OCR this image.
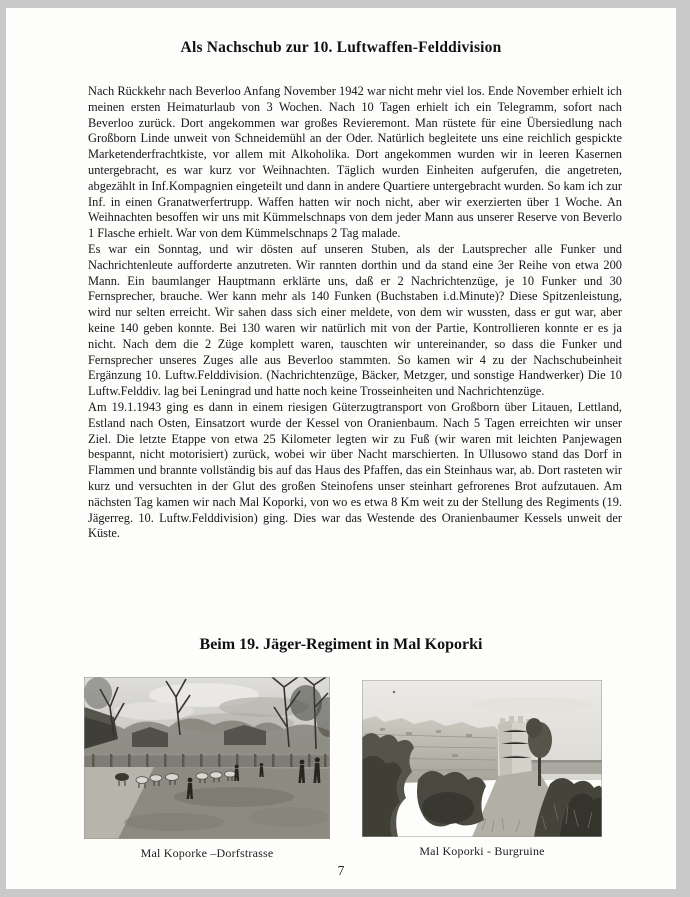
Als Nachschub zur 10. Luftwaffen-Felddivision

Nach Rückkehr nach Beverloo Anfang November 1942 war nicht mehr viel los. Ende November erhielt ich meinen ersten Heimaturlaub von 3 Wochen. Nach 10 Tagen erhielt ich ein Telegramm, sofort nach Beverloo zurück. Dort angekommen war großes Revieremont. Man rüstete für eine Übersiedlung nach Großborn Linde unweit von Schneidemühl an der Oder. Natürlich begleitete uns eine reichlich gespickte Marketenderfrachtkiste, vor allem mit Alkoholika. Dort angekommen wurden wir in leeren Kasernen untergebracht, es war kurz vor Weihnachten. Täglich wurden Einheiten aufgerufen, die angetreten, abgezählt in Inf.Kompagnien eingeteilt und dann in andere Quartiere untergebracht wurden. So kam ich zur Inf. in einen Granatwerfertrupp. Waffen hatten wir noch nicht, aber wir exerzierten über 1 Woche. An Weihnachten besoffen wir uns mit Kümmelschnaps von dem jeder Mann aus unserer Reserve von Beverlo 1 Flasche erhielt. War von dem Kümmelschnaps 2 Tag malade.

Es war ein Sonntag, und wir dösten auf unseren Stuben, als der Lautsprecher alle Funker und Nachrichtenleute aufforderte anzutreten. Wir rannten dorthin und da stand eine 3er Reihe von etwa 200 Mann. Ein baumlanger Hauptmann erklärte uns, daß er 2 Nachrichtenzüge, je 10 Funker und 30 Fernsprecher, brauche. Wer kann mehr als 140 Funken (Buchstaben i.d.Minute)? Diese Spitzenleistung, wird nur selten erreicht. Wir sahen dass sich einer meldete, von dem wir wussten, dass er gut war, aber keine 140 geben konnte. Bei 130 waren wir natürlich mit von der Partie, Kontrollieren konnte er es ja nicht. Nach dem die 2 Züge komplett waren, tauschten wir untereinander, so dass die Funker und Fernsprecher unseres Zuges alle aus Beverloo stammten. So kamen wir 4 zu der Nachschubeinheit Ergänzung 10. Luftw.Felddivision. (Nachrichtenzüge, Bäcker, Metzger, und sonstige Handwerker) Die 10 Luftw.Felddiv. lag bei Leningrad und hatte noch keine Trosseinheiten und Nachrichtenzüge.

Am 19.1.1943 ging es dann in einem riesigen Güterzugtransport von Großborn über Litauen, Lettland, Estland nach Osten, Einsatzort wurde der Kessel von Oranienbaum. Nach 5 Tagen erreichten wir unser Ziel. Die letzte Etappe von etwa 25 Kilometer legten wir zu Fuß (wir waren mit leichten Panjewagen bespannt, nicht motorisiert) zurück, wobei wir über Nacht marschierten. In Ullusowo stand das Dorf in Flammen und brannte vollständig bis auf das Haus des Pfaffen, das ein Steinhaus war, ab. Dort rasteten wir kurz und versuchten in der Glut des großen Steinofens unser steinhart gefrorenes Brot aufzutauen. Am nächsten Tag kamen wir nach Mal Koporki, von wo es etwa 8 Km weit zu der Stellung des Regiments (19. Jägerreg. 10. Luftw.Felddivision) ging. Dies war das Westende des Oranienbaumer Kessels unweit der Küste.

Beim 19. Jäger-Regiment in Mal Koporki
Mal Koporke –Dorfstrasse	Mal Koporki - Burgruine
7
